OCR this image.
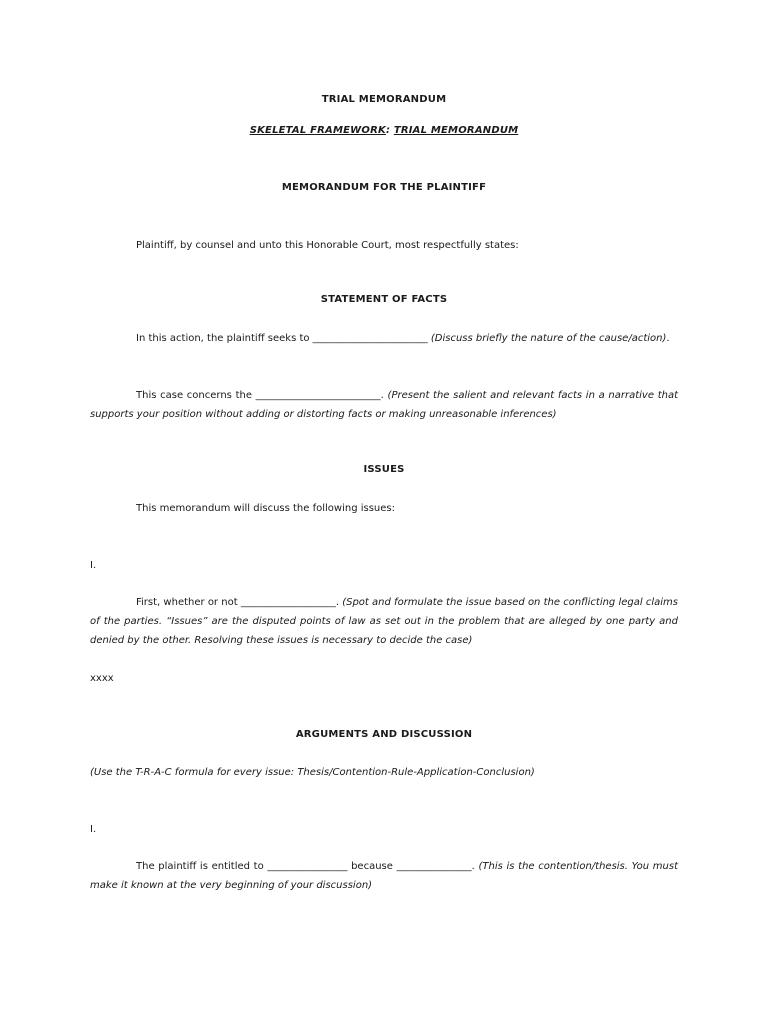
TRIAL MEMORANDUM
SKELETAL FRAMEWORK: TRIAL MEMORANDUM
MEMORANDUM FOR THE PLAINTIFF
Plaintiff, by counsel and unto this Honorable Court, most respectfully states:
STATEMENT OF FACTS
In this action, the plaintiff seeks to _______________________ (Discuss briefly the nature of the cause/action).
This case concerns the _________________________. (Present the salient and relevant facts in a narrative that supports your position without adding or distorting facts or making unreasonable inferences)
ISSUES
This memorandum will discuss the following issues:
I.
First, whether or not ___________________. (Spot and formulate the issue based on the conflicting legal claims of the parties. “Issues” are the disputed points of law as set out in the problem that are alleged by one party and denied by the other. Resolving these issues is necessary to decide the case)
xxxx
ARGUMENTS AND DISCUSSION
(Use the T-R-A-C formula for every issue: Thesis/Contention-Rule-Application-Conclusion)
I.
The plaintiff is entitled to ________________ because _______________. (This is the contention/thesis. You must make it known at the very beginning of your discussion)
